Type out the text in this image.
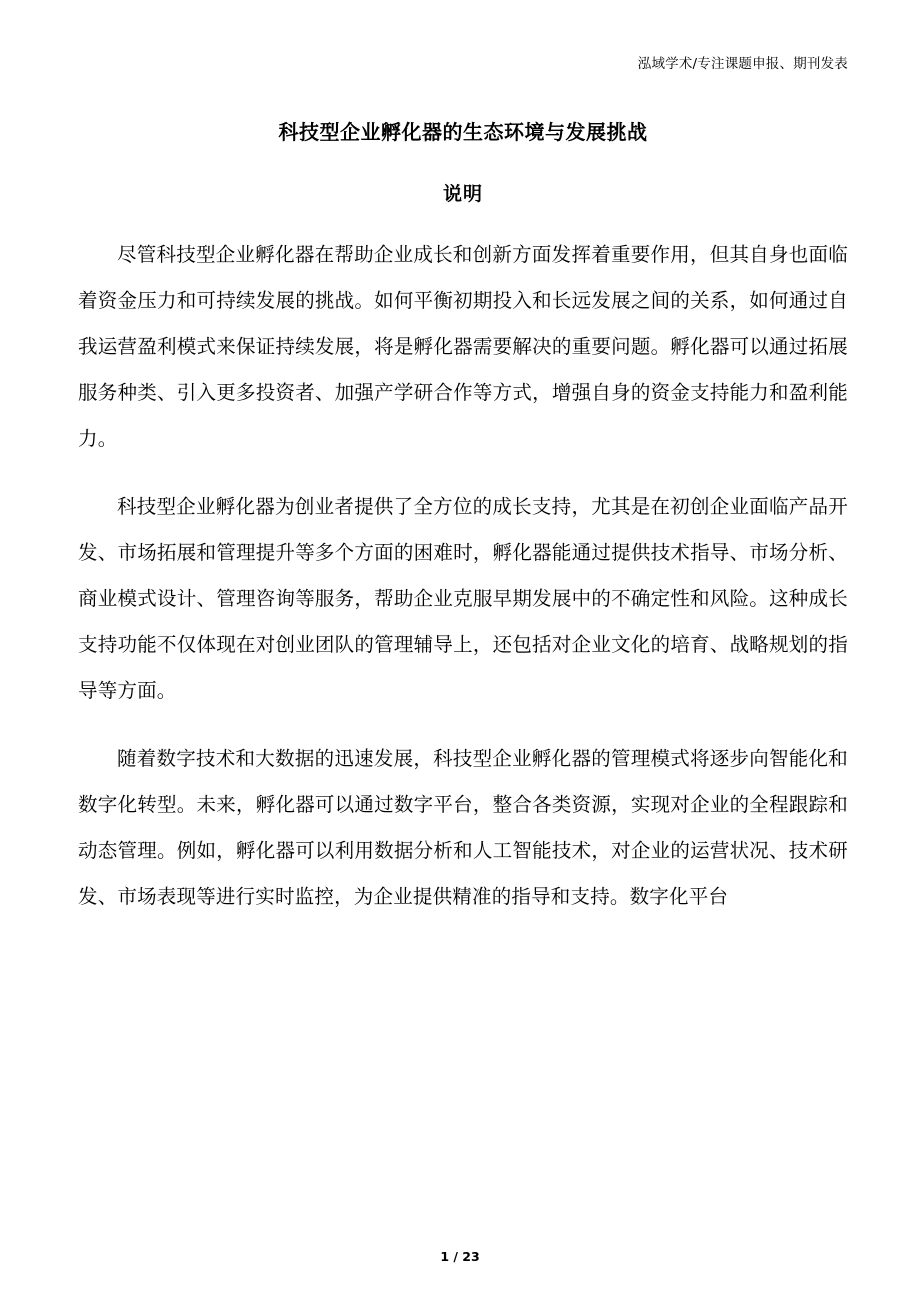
泓域学术/专注课题申报、期刊发表
科技型企业孵化器的生态环境与发展挑战
说明

尽管科技型企业孵化器在帮助企业成长和创新方面发挥着重要作用，但其自身也面临着资金压力和可持续发展的挑战。如何平衡初期投入和长远发展之间的关系，如何通过自我运营盈利模式来保证持续发展，将是孵化器需要解决的重要问题。孵化器可以通过拓展服务种类、引入更多投资者、加强产学研合作等方式，增强自身的资金支持能力和盈利能力。

科技型企业孵化器为创业者提供了全方位的成长支持，尤其是在初创企业面临产品开发、市场拓展和管理提升等多个方面的困难时，孵化器能通过提供技术指导、市场分析、商业模式设计、管理咨询等服务，帮助企业克服早期发展中的不确定性和风险。这种成长支持功能不仅体现在对创业团队的管理辅导上，还包括对企业文化的培育、战略规划的指导等方面。

随着数字技术和大数据的迅速发展，科技型企业孵化器的管理模式将逐步向智能化和数字化转型。未来，孵化器可以通过数字平台，整合各类资源，实现对企业的全程跟踪和动态管理。例如，孵化器可以利用数据分析和人工智能技术，对企业的运营状况、技术研发、市场表现等进行实时监控，为企业提供精准的指导和支持。数字化平台

1 / 23
